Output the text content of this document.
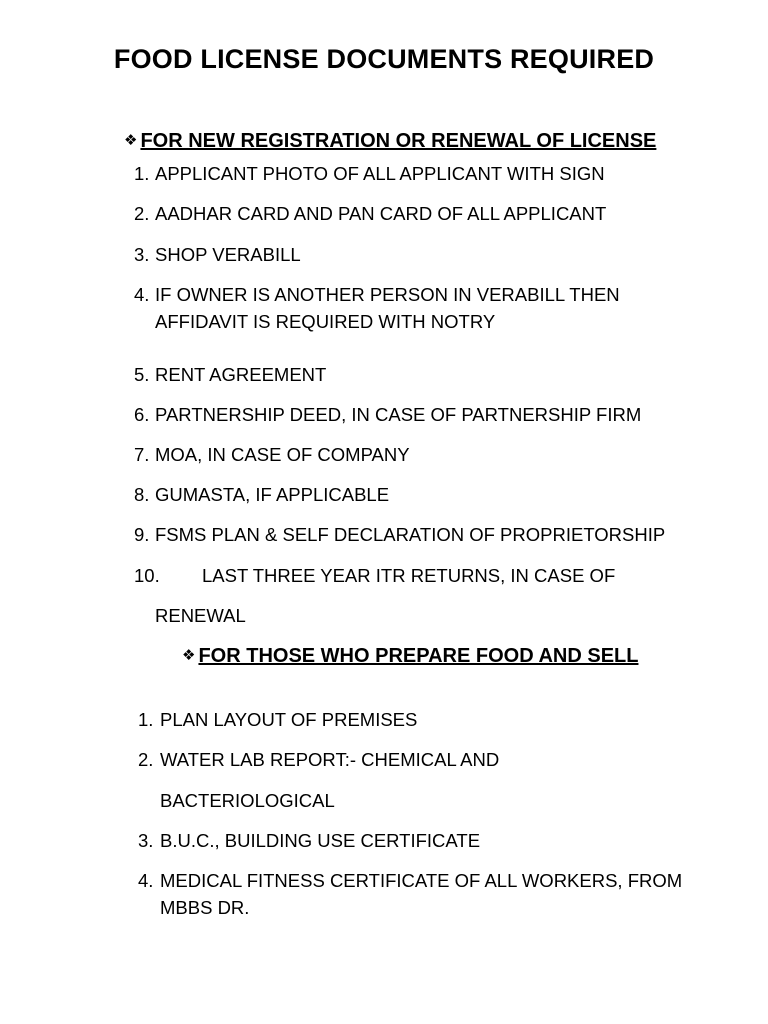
FOOD LICENSE DOCUMENTS REQUIRED
❖ FOR NEW REGISTRATION OR RENEWAL OF LICENSE
1. APPLICANT PHOTO OF ALL APPLICANT WITH SIGN
2. AADHAR CARD AND PAN CARD OF ALL APPLICANT
3. SHOP VERABILL
4. IF OWNER IS ANOTHER PERSON IN VERABILL THEN
AFFIDAVIT IS REQUIRED WITH NOTRY
5. RENT AGREEMENT
6. PARTNERSHIP DEED, IN CASE OF PARTNERSHIP FIRM
7. MOA, IN CASE OF COMPANY
8. GUMASTA, IF APPLICABLE
9. FSMS PLAN & SELF DECLARATION OF PROPRIETORSHIP
10. LAST THREE YEAR ITR RETURNS, IN CASE OF
RENEWAL
❖ FOR THOSE WHO PREPARE FOOD AND SELL
1. PLAN LAYOUT OF PREMISES
2. WATER LAB REPORT:- CHEMICAL AND
BACTERIOLOGICAL
3. B.U.C., BUILDING USE CERTIFICATE
4. MEDICAL FITNESS CERTIFICATE OF ALL WORKERS, FROM
MBBS DR.
